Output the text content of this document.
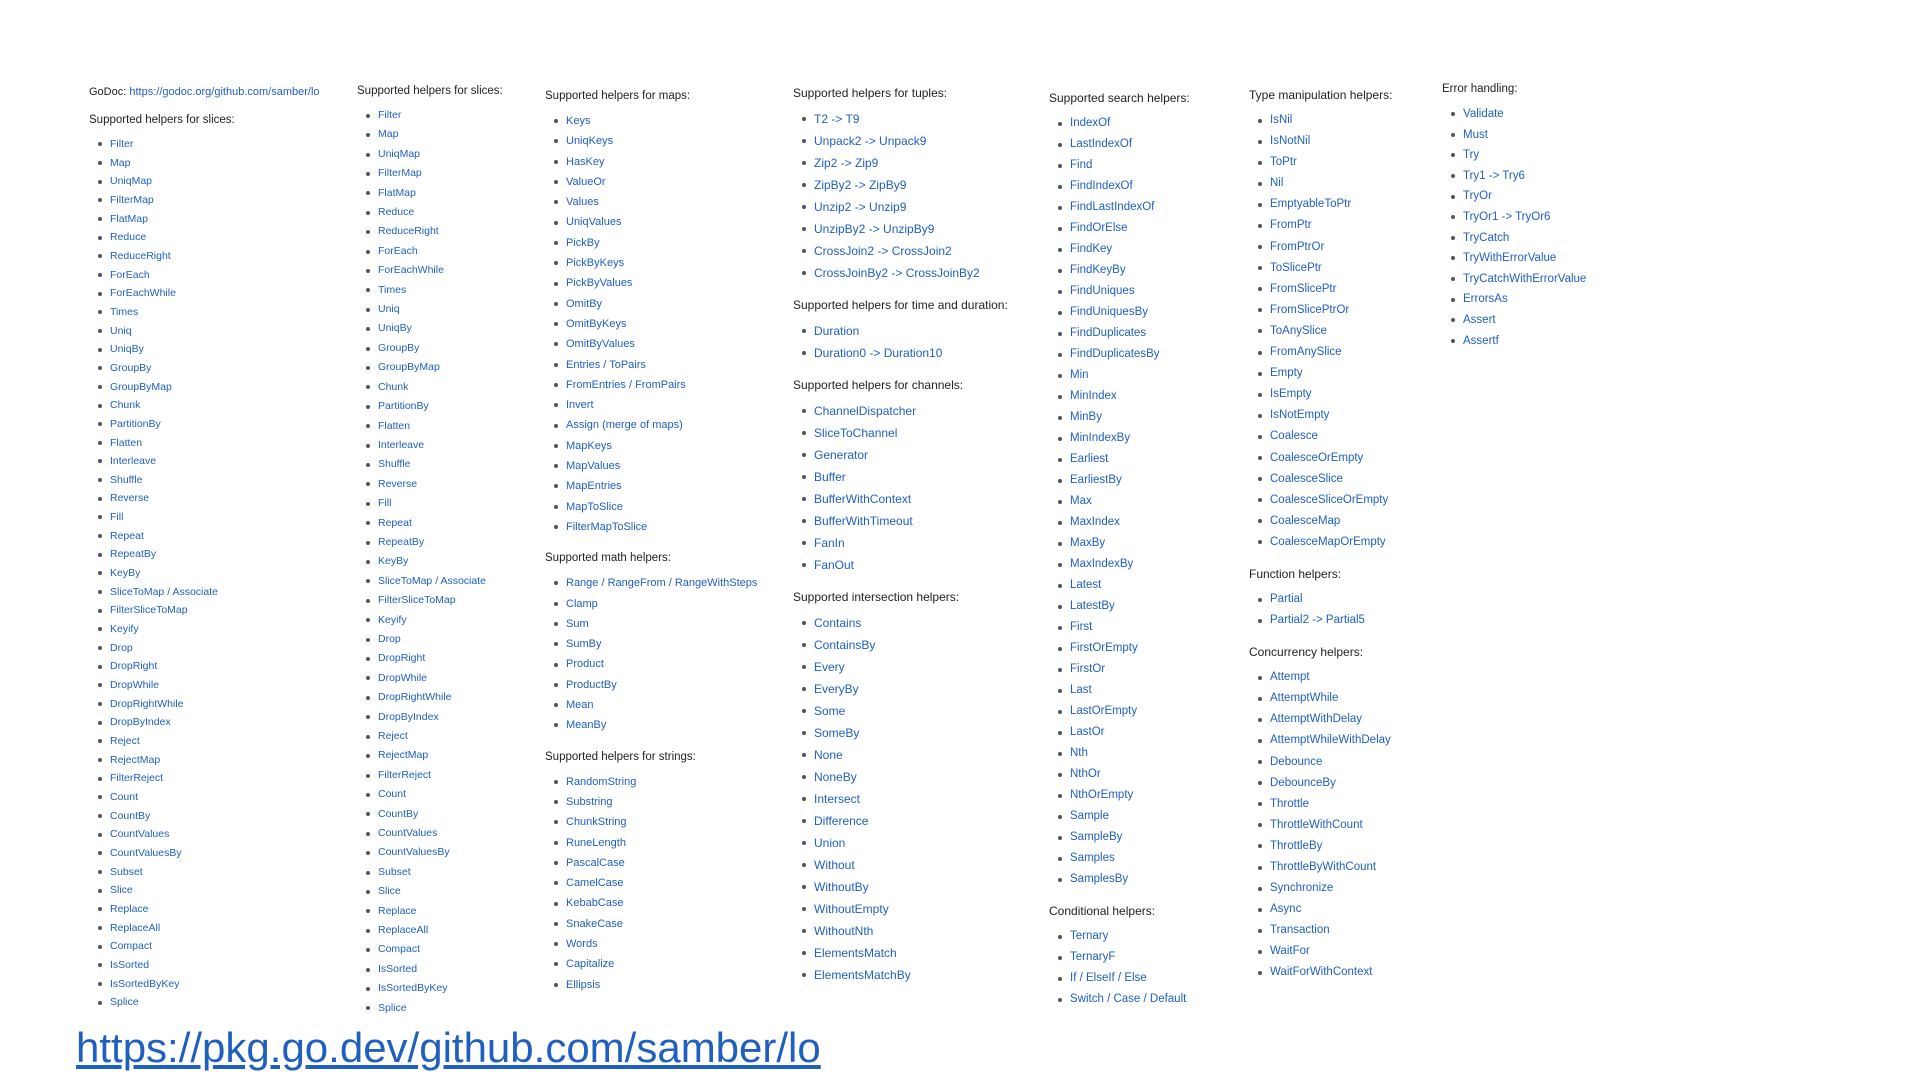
GoDoc: https://godoc.org/github.com/samber/lo
Supported helpers for slices:
Filter
Map
UniqMap
FilterMap
FlatMap
Reduce
ReduceRight
ForEach
ForEachWhile
Times
Uniq
UniqBy
GroupBy
GroupByMap
Chunk
PartitionBy
Flatten
Interleave
Shuffle
Reverse
Fill
Repeat
RepeatBy
KeyBy
SliceToMap / Associate
FilterSliceToMap
Keyify
Drop
DropRight
DropWhile
DropRightWhile
DropByIndex
Reject
RejectMap
FilterReject
Count
CountBy
CountValues
CountValuesBy
Subset
Slice
Replace
ReplaceAll
Compact
IsSorted
IsSortedByKey
Splice
Supported helpers for slices:
Filter
Map
UniqMap
FilterMap
FlatMap
Reduce
ReduceRight
ForEach
ForEachWhile
Times
Uniq
UniqBy
GroupBy
GroupByMap
Chunk
PartitionBy
Flatten
Interleave
Shuffle
Reverse
Fill
Repeat
RepeatBy
KeyBy
SliceToMap / Associate
FilterSliceToMap
Keyify
Drop
DropRight
DropWhile
DropRightWhile
DropByIndex
Reject
RejectMap
FilterReject
Count
CountBy
CountValues
CountValuesBy
Subset
Slice
Replace
ReplaceAll
Compact
IsSorted
IsSortedByKey
Splice
Supported helpers for maps:
Keys
UniqKeys
HasKey
ValueOr
Values
UniqValues
PickBy
PickByKeys
PickByValues
OmitBy
OmitByKeys
OmitByValues
Entries / ToPairs
FromEntries / FromPairs
Invert
Assign (merge of maps)
MapKeys
MapValues
MapEntries
MapToSlice
FilterMapToSlice
Supported math helpers:
Range / RangeFrom / RangeWithSteps
Clamp
Sum
SumBy
Product
ProductBy
Mean
MeanBy
Supported helpers for strings:
RandomString
Substring
ChunkString
RuneLength
PascalCase
CamelCase
KebabCase
SnakeCase
Words
Capitalize
Ellipsis
Supported helpers for tuples:
T2 -> T9
Unpack2 -> Unpack9
Zip2 -> Zip9
ZipBy2 -> ZipBy9
Unzip2 -> Unzip9
UnzipBy2 -> UnzipBy9
CrossJoin2 -> CrossJoin2
CrossJoinBy2 -> CrossJoinBy2
Supported helpers for time and duration:
Duration
Duration0 -> Duration10
Supported helpers for channels:
ChannelDispatcher
SliceToChannel
Generator
Buffer
BufferWithContext
BufferWithTimeout
FanIn
FanOut
Supported intersection helpers:
Contains
ContainsBy
Every
EveryBy
Some
SomeBy
None
NoneBy
Intersect
Difference
Union
Without
WithoutBy
WithoutEmpty
WithoutNth
ElementsMatch
ElementsMatchBy
Supported search helpers:
IndexOf
LastIndexOf
Find
FindIndexOf
FindLastIndexOf
FindOrElse
FindKey
FindKeyBy
FindUniques
FindUniquesBy
FindDuplicates
FindDuplicatesBy
Min
MinIndex
MinBy
MinIndexBy
Earliest
EarliestBy
Max
MaxIndex
MaxBy
MaxIndexBy
Latest
LatestBy
First
FirstOrEmpty
FirstOr
Last
LastOrEmpty
LastOr
Nth
NthOr
NthOrEmpty
Sample
SampleBy
Samples
SamplesBy
Conditional helpers:
Ternary
TernaryF
If / ElseIf / Else
Switch / Case / Default
Type manipulation helpers:
IsNil
IsNotNil
ToPtr
Nil
EmptyableToPtr
FromPtr
FromPtrOr
ToSlicePtr
FromSlicePtr
FromSlicePtrOr
ToAnySlice
FromAnySlice
Empty
IsEmpty
IsNotEmpty
Coalesce
CoalesceOrEmpty
CoalesceSlice
CoalesceSliceOrEmpty
CoalesceMap
CoalesceMapOrEmpty
Function helpers:
Partial
Partial2 -> Partial5
Concurrency helpers:
Attempt
AttemptWhile
AttemptWithDelay
AttemptWhileWithDelay
Debounce
DebounceBy
Throttle
ThrottleWithCount
ThrottleBy
ThrottleByWithCount
Synchronize
Async
Transaction
WaitFor
WaitForWithContext
Error handling:
Validate
Must
Try
Try1 -> Try6
TryOr
TryOr1 -> TryOr6
TryCatch
TryWithErrorValue
TryCatchWithErrorValue
ErrorsAs
Assert
Assertf
https://pkg.go.dev/github.com/samber/lo
